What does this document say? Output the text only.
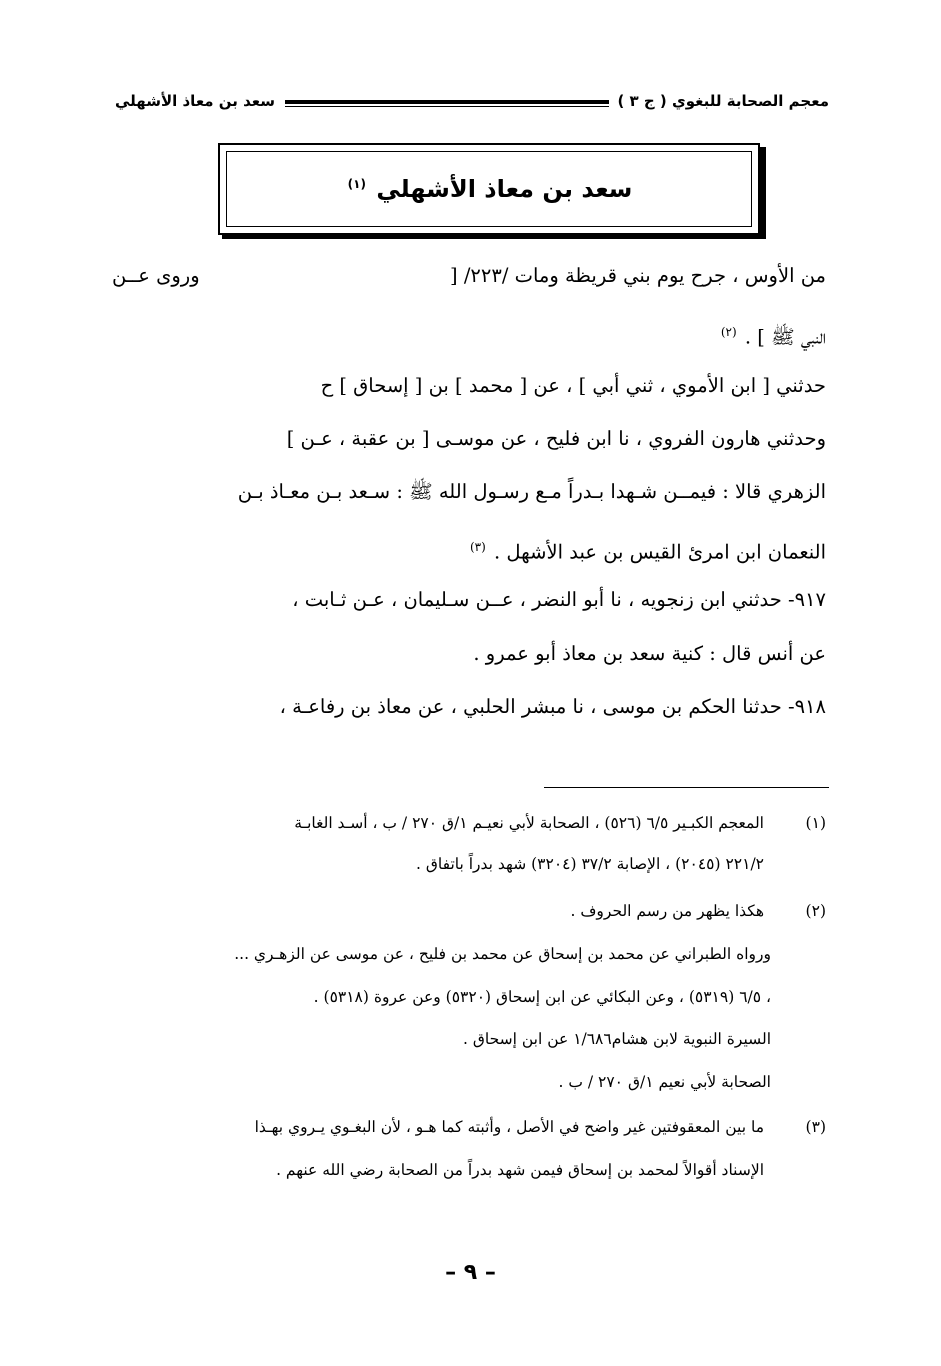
معجم الصحابة للبغوي ( ج ٣ )
سعد بن معاذ الأشهلي
سعد بن معاذ الأشهلي $^{(١)}$
من الأوس ، جرح يوم بني قريظة ومات /٢٢٣/ [
وروى عــن
النبي ﷺ ] . $^{(٢)}$
حدثني [ ابن الأموي ، ثني أبي ] ، عن [ محمد ] بن [ إسحاق ] ح
وحدثني هارون الفروي ، نا ابن فليح ، عن موسـى [ بن عقبة ، عـن ]
الزهري قالا : فيمــن شـهدا بـدراً مـع رسـول الله ﷺ : سـعد بـن معـاذ بـن
النعمان ابن امرئ القيس بن عبد الأشهل . $^{(٣)}$
٩١٧- حدثني ابن زنجويه ، نا أبو النضر ، عــن سـليمان ، عـن ثـابت ،
عن أنس قال : كنية سعد بن معاذ أبو عمرو .
٩١٨- حدثنا الحكم بن موسى ، نا مبشر الحلبي ، عن معاذ بن رفاعـة ،
(١)
المعجم الكبـير ٦/٥ (٥٢٦) ، الصحابة لأبي نعيـم ١/ق ٢٧٠ / ب ، أسـد الغابـة
٢٢١/٢ (٢٠٤٥) ، الإصابة ٣٧/٢ (٣٢٠٤) شهد بدراً باتفاق .
(٢)
هكذا يظهر من رسم الحروف .
ورواه الطبراني عن محمد بن إسحاق عن محمد بن فليح ، عن موسى عن الزهـري ...
، ٦/٥ (٥٣١٩) ، وعن البكائي عن ابن إسحاق (٥٣٢٠) وعن عروة (٥٣١٨) .
السيرة النبوية لابن هشام١/٦٨٦ عن ابن إسحاق .
الصحابة لأبي نعيم ١/ق ٢٧٠ / ب .
(٣)
ما بين المعقوفتين غير واضح في الأصل ، وأثبته كما هـو ، لأن البغـوي يـروي بهـذا
الإسناد أقوالاً لمحمد بن إسحاق فيمن شهد بدراً من الصحابة رضي الله عنهم .
– ٩ –
